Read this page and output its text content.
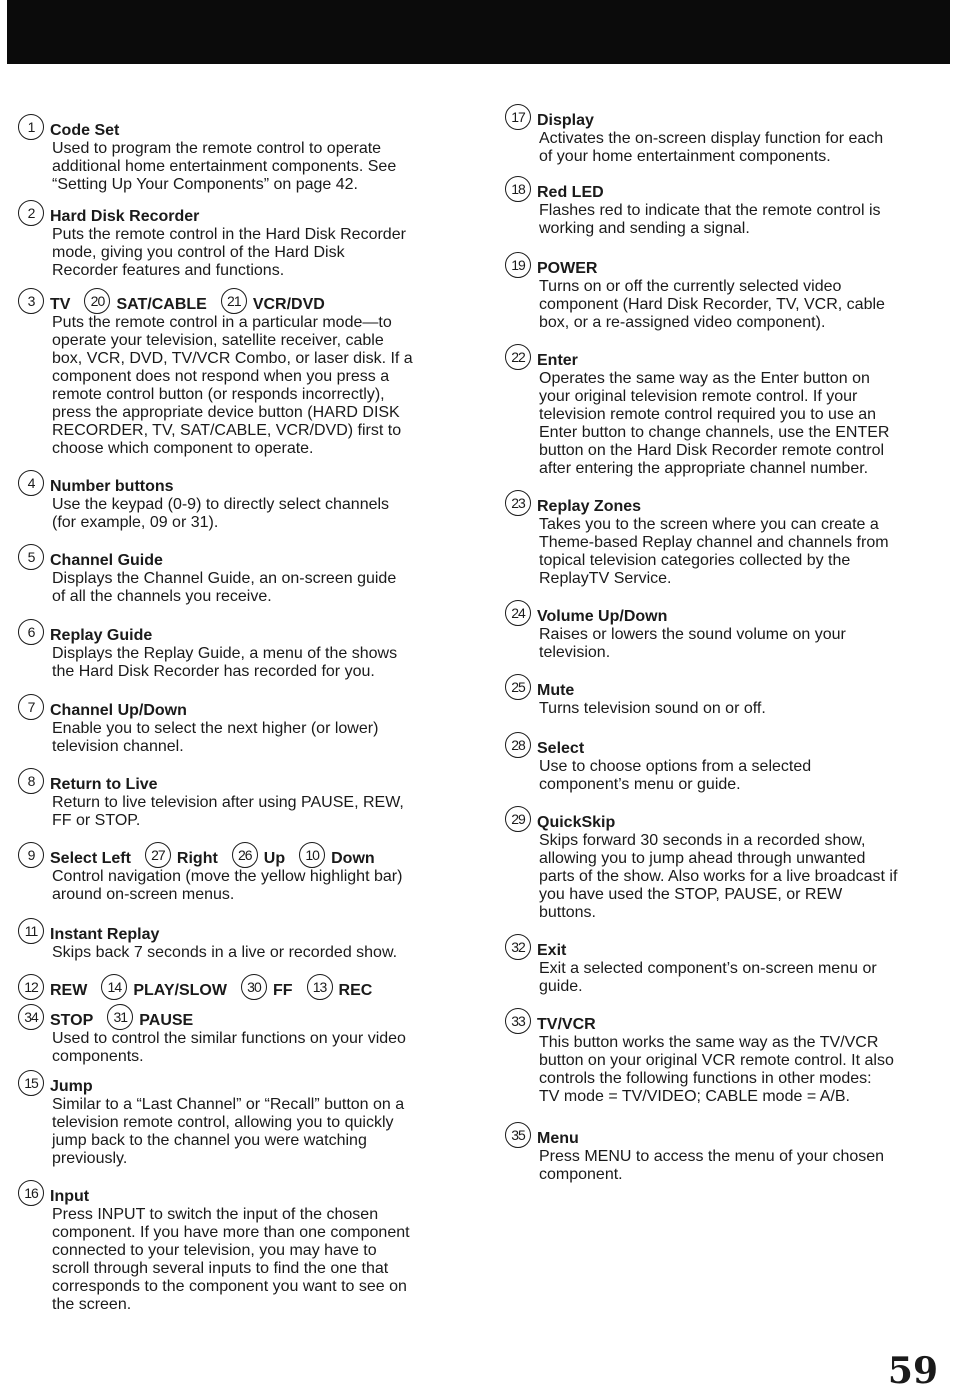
1 Code Set
Used to program the remote control to operate
additional home entertainment components. See
“Setting Up Your Components” on page 42.
2 Hard Disk Recorder
Puts the remote control in the Hard Disk Recorder
mode, giving you control of the Hard Disk
Recorder features and functions.
3 TV	20 SAT/CABLE	21 VCR/DVD
Puts the remote control in a particular mode—to
operate your television, satellite receiver, cable
box, VCR, DVD, TV/VCR Combo, or laser disk. If a
component does not respond when you press a
remote control button (or responds incorrectly),
press the appropriate device button (HARD DISK
RECORDER, TV, SAT/CABLE, VCR/DVD) first to
choose which component to operate.
4 Number buttons
Use the keypad (0-9) to directly select channels
(for example, 09 or 31).
5 Channel Guide
Displays the Channel Guide, an on-screen guide
of all the channels you receive.
6 Replay Guide
Displays the Replay Guide, a menu of the shows
the Hard Disk Recorder has recorded for you.
7 Channel Up/Down
Enable you to select the next higher (or lower)
television channel.
8 Return to Live
Return to live television after using PAUSE, REW,
FF or STOP.
9 Select Left	27 Right	26 Up	10 Down
Control navigation (move the yellow highlight bar)
around on-screen menus.
11 Instant Replay
Skips back 7 seconds in a live or recorded show.
12 REW	14 PLAY/SLOW	30 FF	13 REC
34 STOP	31 PAUSE
Used to control the similar functions on your video
components.
15 Jump
Similar to a “Last Channel” or “Recall” button on a
television remote control, allowing you to quickly
jump back to the channel you were watching
previously.
16 Input
Press INPUT to switch the input of the chosen
component. If you have more than one component
connected to your television, you may have to
scroll through several inputs to find the one that
corresponds to the component you want to see on
the screen.
17 Display
Activates the on-screen display function for each
of your home entertainment components.
18 Red LED
Flashes red to indicate that the remote control is
working and sending a signal.
19 POWER
Turns on or off the currently selected video
component (Hard Disk Recorder, TV, VCR, cable
box, or a re-assigned video component).
22 Enter
Operates the same way as the Enter button on
your original television remote control. If your
television remote control required you to use an
Enter button to change channels, use the ENTER
button on the Hard Disk Recorder remote control
after entering the appropriate channel number.
23 Replay Zones
Takes you to the screen where you can create a
Theme-based Replay channel and channels from
topical television categories collected by the
ReplayTV Service.
24 Volume Up/Down
Raises or lowers the sound volume on your
television.
25 Mute
Turns television sound on or off.
28 Select
Use to choose options from a selected
component’s menu or guide.
29 QuickSkip
Skips forward 30 seconds in a recorded show,
allowing you to jump ahead through unwanted
parts of the show. Also works for a live broadcast if
you have used the STOP, PAUSE, or REW
buttons.
32 Exit
Exit a selected component’s on-screen menu or
guide.
33 TV/VCR
This button works the same way as the TV/VCR
button on your original VCR remote control. It also
controls the following functions in other modes:
TV mode = TV/VIDEO; CABLE mode = A/B.
35 Menu
Press MENU to access the menu of your chosen
component.
59
